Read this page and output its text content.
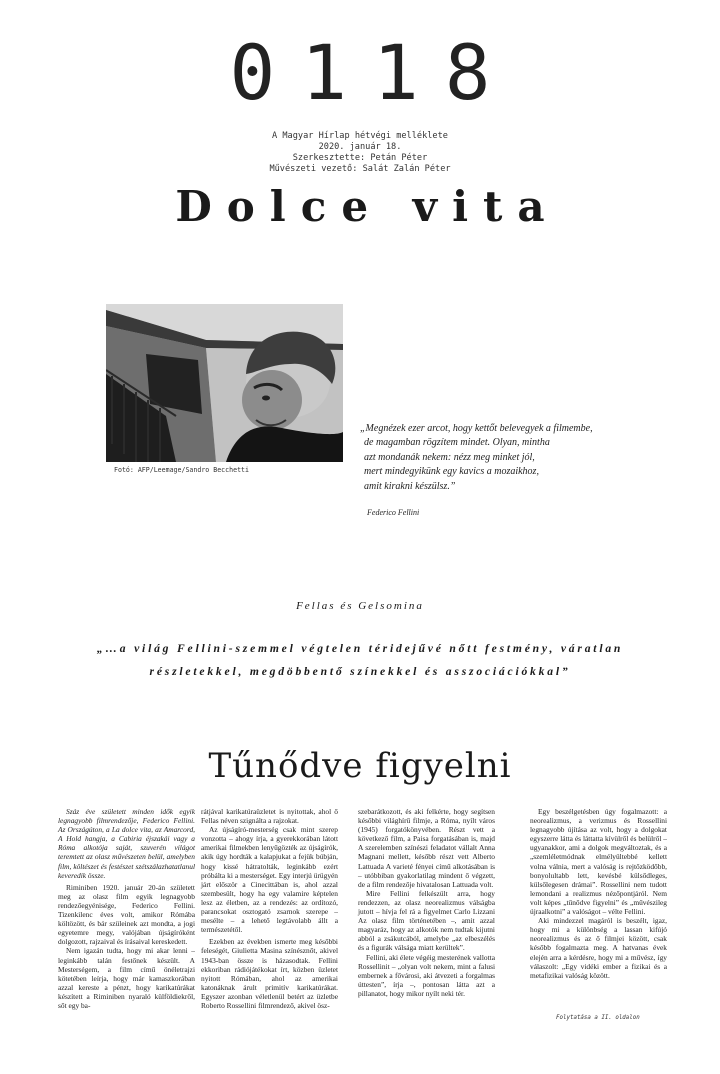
0118
A Magyar Hírlap hétvégi melléklete
2020. január 18.
Szerkesztette: Petán Péter
Művészeti vezető: Salát Zalán Péter
Dolce vita
Fotó: AFP/Leemage/Sandro Becchetti
„Megnézek ezer arcot, hogy kettőt belevegyek a filmembe,
de magamban rögzítem mindet. Olyan, mintha
azt mondanák nekem: nézz meg minket jól,
mert mindegyikünk egy kavics a mozaikhoz,
amit kirakni készülsz.”
Federico Fellini
Fellas és Gelsomina
„…a világ Fellini-szemmel végtelen téridejűvé nőtt festmény, váratlan
részletekkel, megdöbbentő színekkel és asszociációkkal”
Tűnődve figyelni

Száz éve született minden idők egyik legnagyobb filmrendezője, Federico Fellini. Az Országúton, a La dolce vita, az Amarcord, A Hold hangja, a Cabiria éjszakái vagy a Róma alkotója saját, szuverén világot teremtett az olasz művészeten belül, amelyben film, költészet és festészet szétszálazhatatlanul keveredik össze.

Riminiben 1920. január 20-án született meg az olasz film egyik legnagyobb rendezőegyénisége, Federico Fellini. Tizenkilenc éves volt, amikor Rómába költözött, és bár szüleinek azt mondta, a jogi egyetemre megy, valójában újságíróként dolgozott, rajzaival és írásaival kereskedett.

Nem igazán tudta, hogy mi akar lenni – leginkább talán festőnek készült. A Mesterségem, a film című önéletrajzi kötetében leírja, hogy már kamaszkorában azzal kereste a pénzt, hogy karikatúrákat készített a Riminiben nyaraló külföldiekről, sőt egy ba-

rátjával karikatúraüzletet is nyitottak, ahol ő Fellas néven szignálta a rajzokat.

Az újságíró-mesterség csak mint szerep vonzotta – ahogy írja, a gyerekkorában látott amerikai filmekben lenyűgözték az újságírók, akik úgy hordták a kalapjukat a fejük búbján, hogy kissé hátratolták, leginkább ezért próbálta ki a mesterséget. Egy interjú ürügyén járt először a Cinecittában is, ahol azzal szembesült, hogy ha egy valamire képtelen lesz az életben, az a rendezés: az ordítozó, parancsokat osztogató zsarnok szerepe – mesélte – a lehető legtávolabb állt a természetétől.

Ezekben az években ismerte meg későbbi feleségét, Giulietta Masina színésznőt, akivel 1943-ban össze is házasodtak. Fellini ekkoriban rádiójátékokat írt, közben üzletet nyitott Rómában, ahol az amerikai katonáknak árult primitív karikatúrákat. Egyszer azonban véletlenül betért az üzletbe Roberto Rossellini filmrendező, akivel ösz-

szebarátkozott, és aki felkérte, hogy segítsen későbbi világhírű filmje, a Róma, nyílt város (1945) forgatókönyvében. Részt vett a következő film, a Paisa forgatásában is, majd A szerelemben színészi feladatot vállalt Anna Magnani mellett, később részt vett Alberto Lattuada A varieté fényei című alkotásában is – utóbbiban gyakorlatilag mindent ő végzett, de a film rendezője hivatalosan Lattuada volt.

Mire Fellini felkészült arra, hogy rendezzen, az olasz neorealizmus válságba jutott – hívja fel rá a figyelmet Carlo Lizzani Az olasz film történetében –, amit azzal magyaráz, hogy az alkotók nem tudtak kijutni abból a zsákutcából, amelybe „az elbeszélés és a figurák válsága miatt kerültek”.

Fellini, aki élete végéig mesterének vallotta Rossellinit – „olyan volt nekem, mint a falusi embernek a fővárosi, aki átvezeti a forgalmas úttesten”, írja –, pontosan látta azt a pillanatot, hogy mikor nyílt neki tér.

Egy beszélgetésben úgy fogalmazott: a neorealizmus, a verizmus és Rossellini legnagyobb újítása az volt, hogy a dolgokat egyszerre látta és láttatta kívülről és belülről – ugyanakkor, ami a dolgok megváltoztak, és a „szemléletmódnak elmélyültebbé kellett volna válnia, mert a valóság is rejtőzködőbb, bonyolultabb lett, kevésbé külsődleges, külsőlegesen drámai”. Rossellini nem tudott lemondani a realizmus nézőpontjáról. Nem volt képes „tűnődve figyelni” és „művészileg újraalkotni” a valóságot – vélte Fellini.

Aki mindezzel magáról is beszélt, igaz, hogy mi a különbség a lassan kifújó neorealizmus és az ő filmjei között, csak később fogalmazta meg. A hatvanas évek elején arra a kérdésre, hogy mi a művész, így válaszolt: „Egy vidéki ember a fizikai és a metafizikai valóság között.

Folytatása a II. oldalon
